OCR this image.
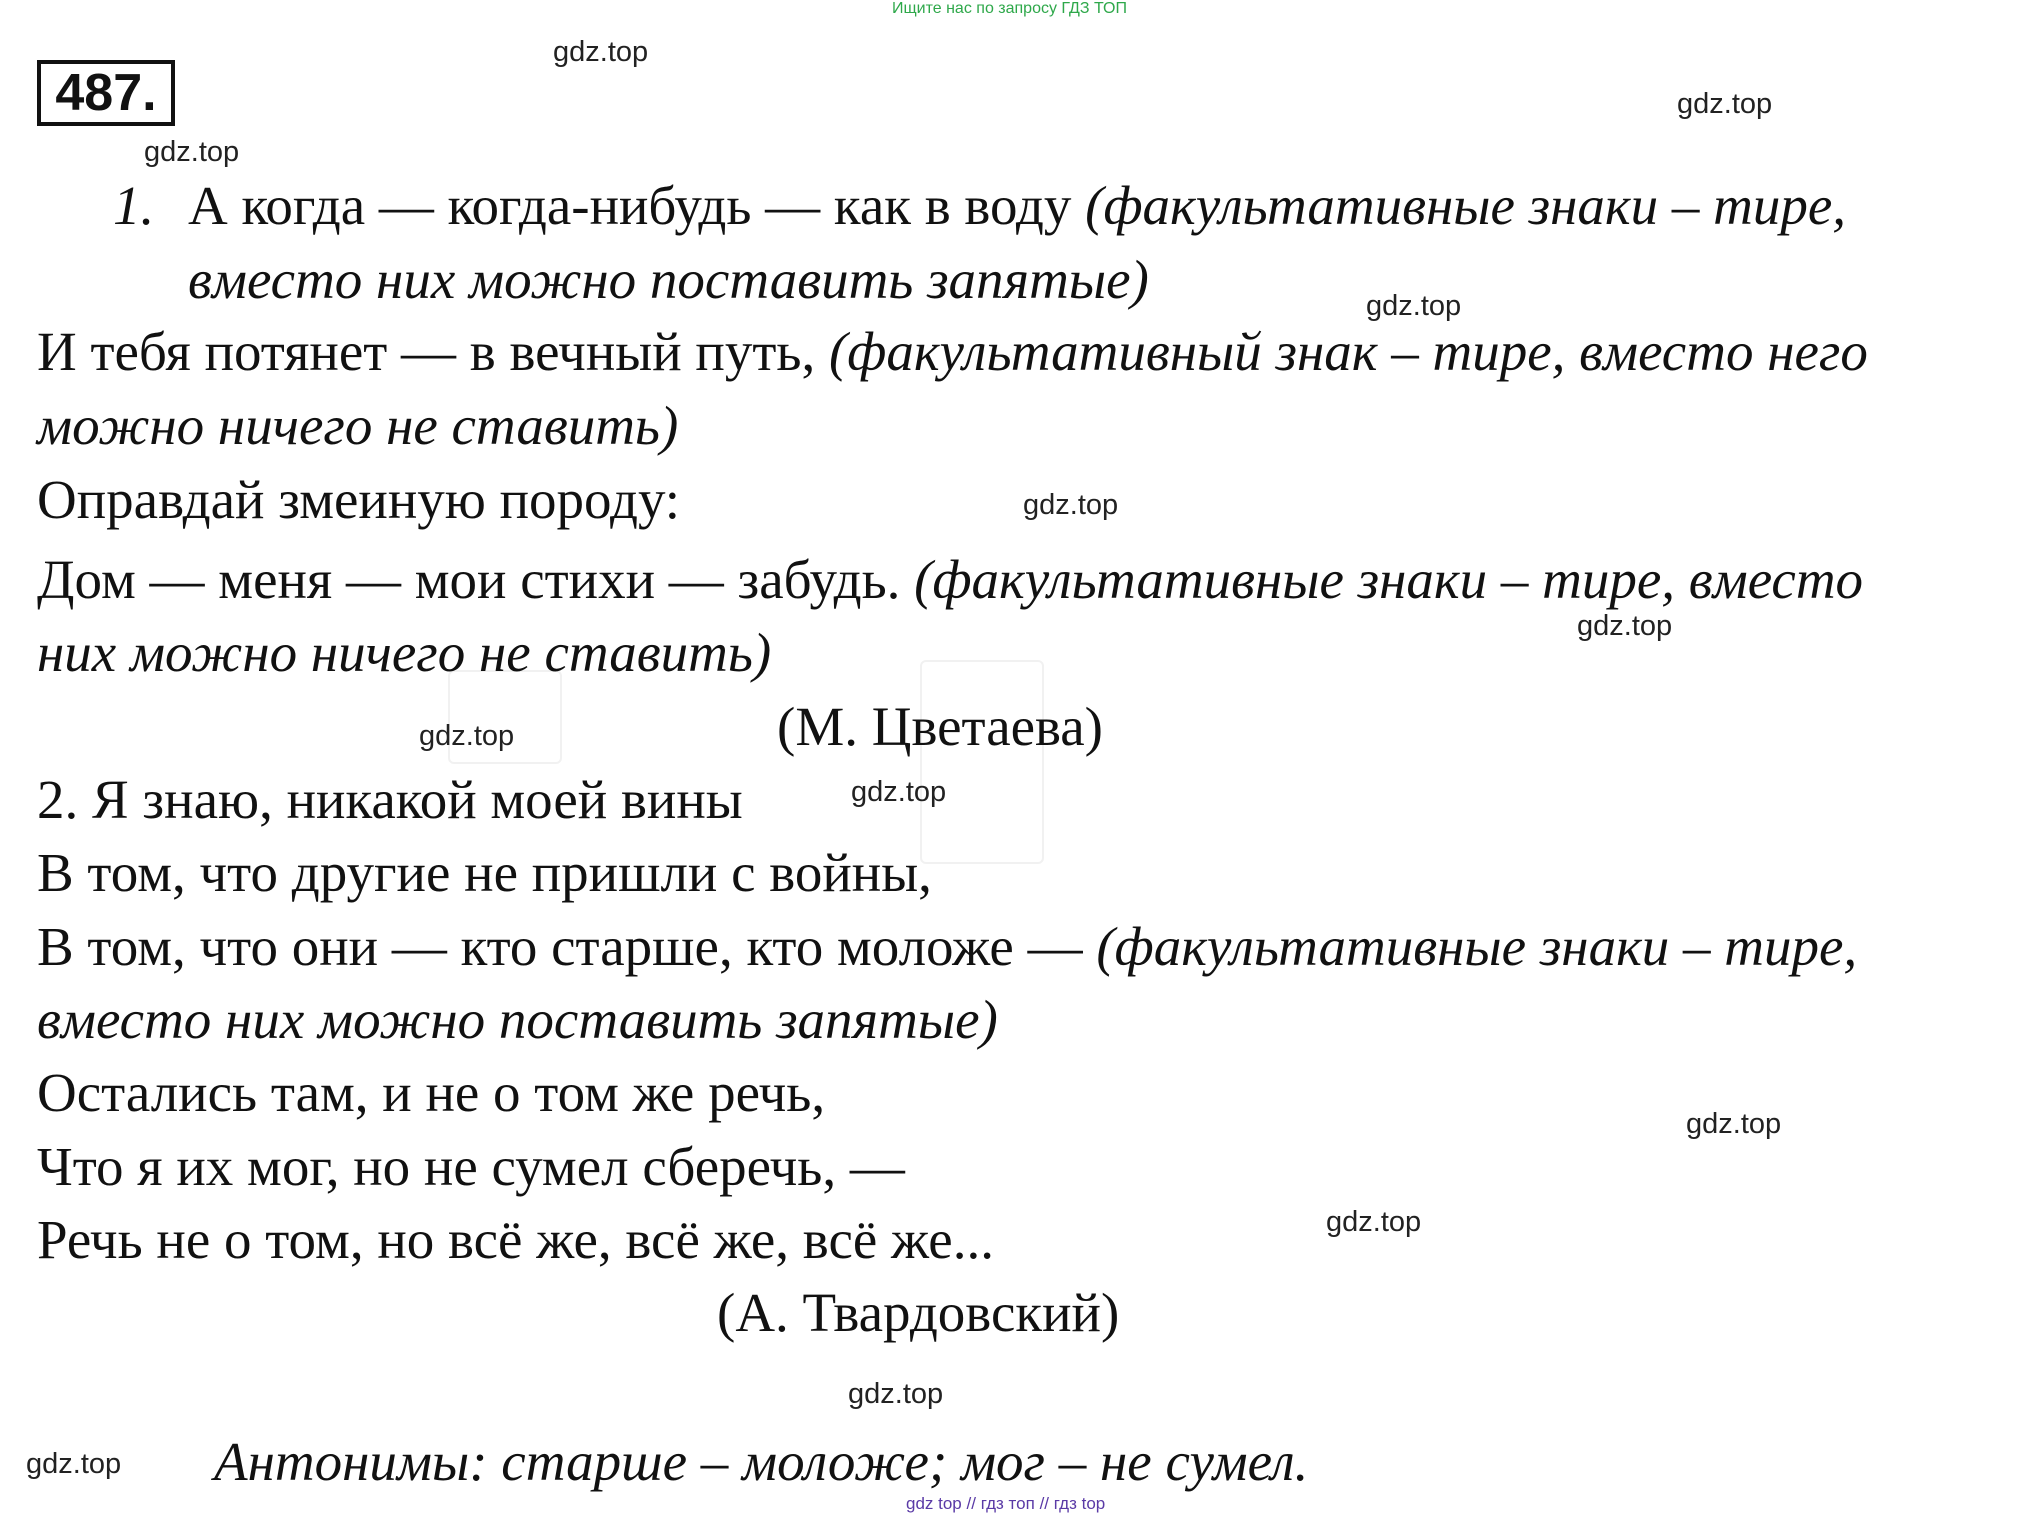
Ищите нас по запросу ГДЗ ТОП
487.
gdz.top
gdz.top
gdz.top
gdz.top
gdz.top
gdz.top
gdz.top
gdz.top
gdz.top
gdz.top
gdz.top
gdz.top
1. А когда — когда-нибудь — как в воду (факультативные знаки – тире,
вместо них можно поставить запятые)
И тебя потянет — в вечный путь, (факультативный знак – тире, вместо него
можно ничего не ставить)
Оправдай змеиную породу:
Дом — меня — мои стихи — забудь. (факультативные знаки – тире, вместо
них можно ничего не ставить)
(М. Цветаева)
2. Я знаю, никакой моей вины
В том, что другие не пришли с войны,
В том, что они — кто старше, кто моложе — (факультативные знаки – тире,
вместо них можно поставить запятые)
Остались там, и не о том же речь,
Что я их мог, но не сумел сберечь, —
Речь не о том, но всё же, всё же, всё же...
(А. Твардовский)
Антонимы: старше – моложе; мог – не сумел.
gdz top // гдз топ // гдз top
